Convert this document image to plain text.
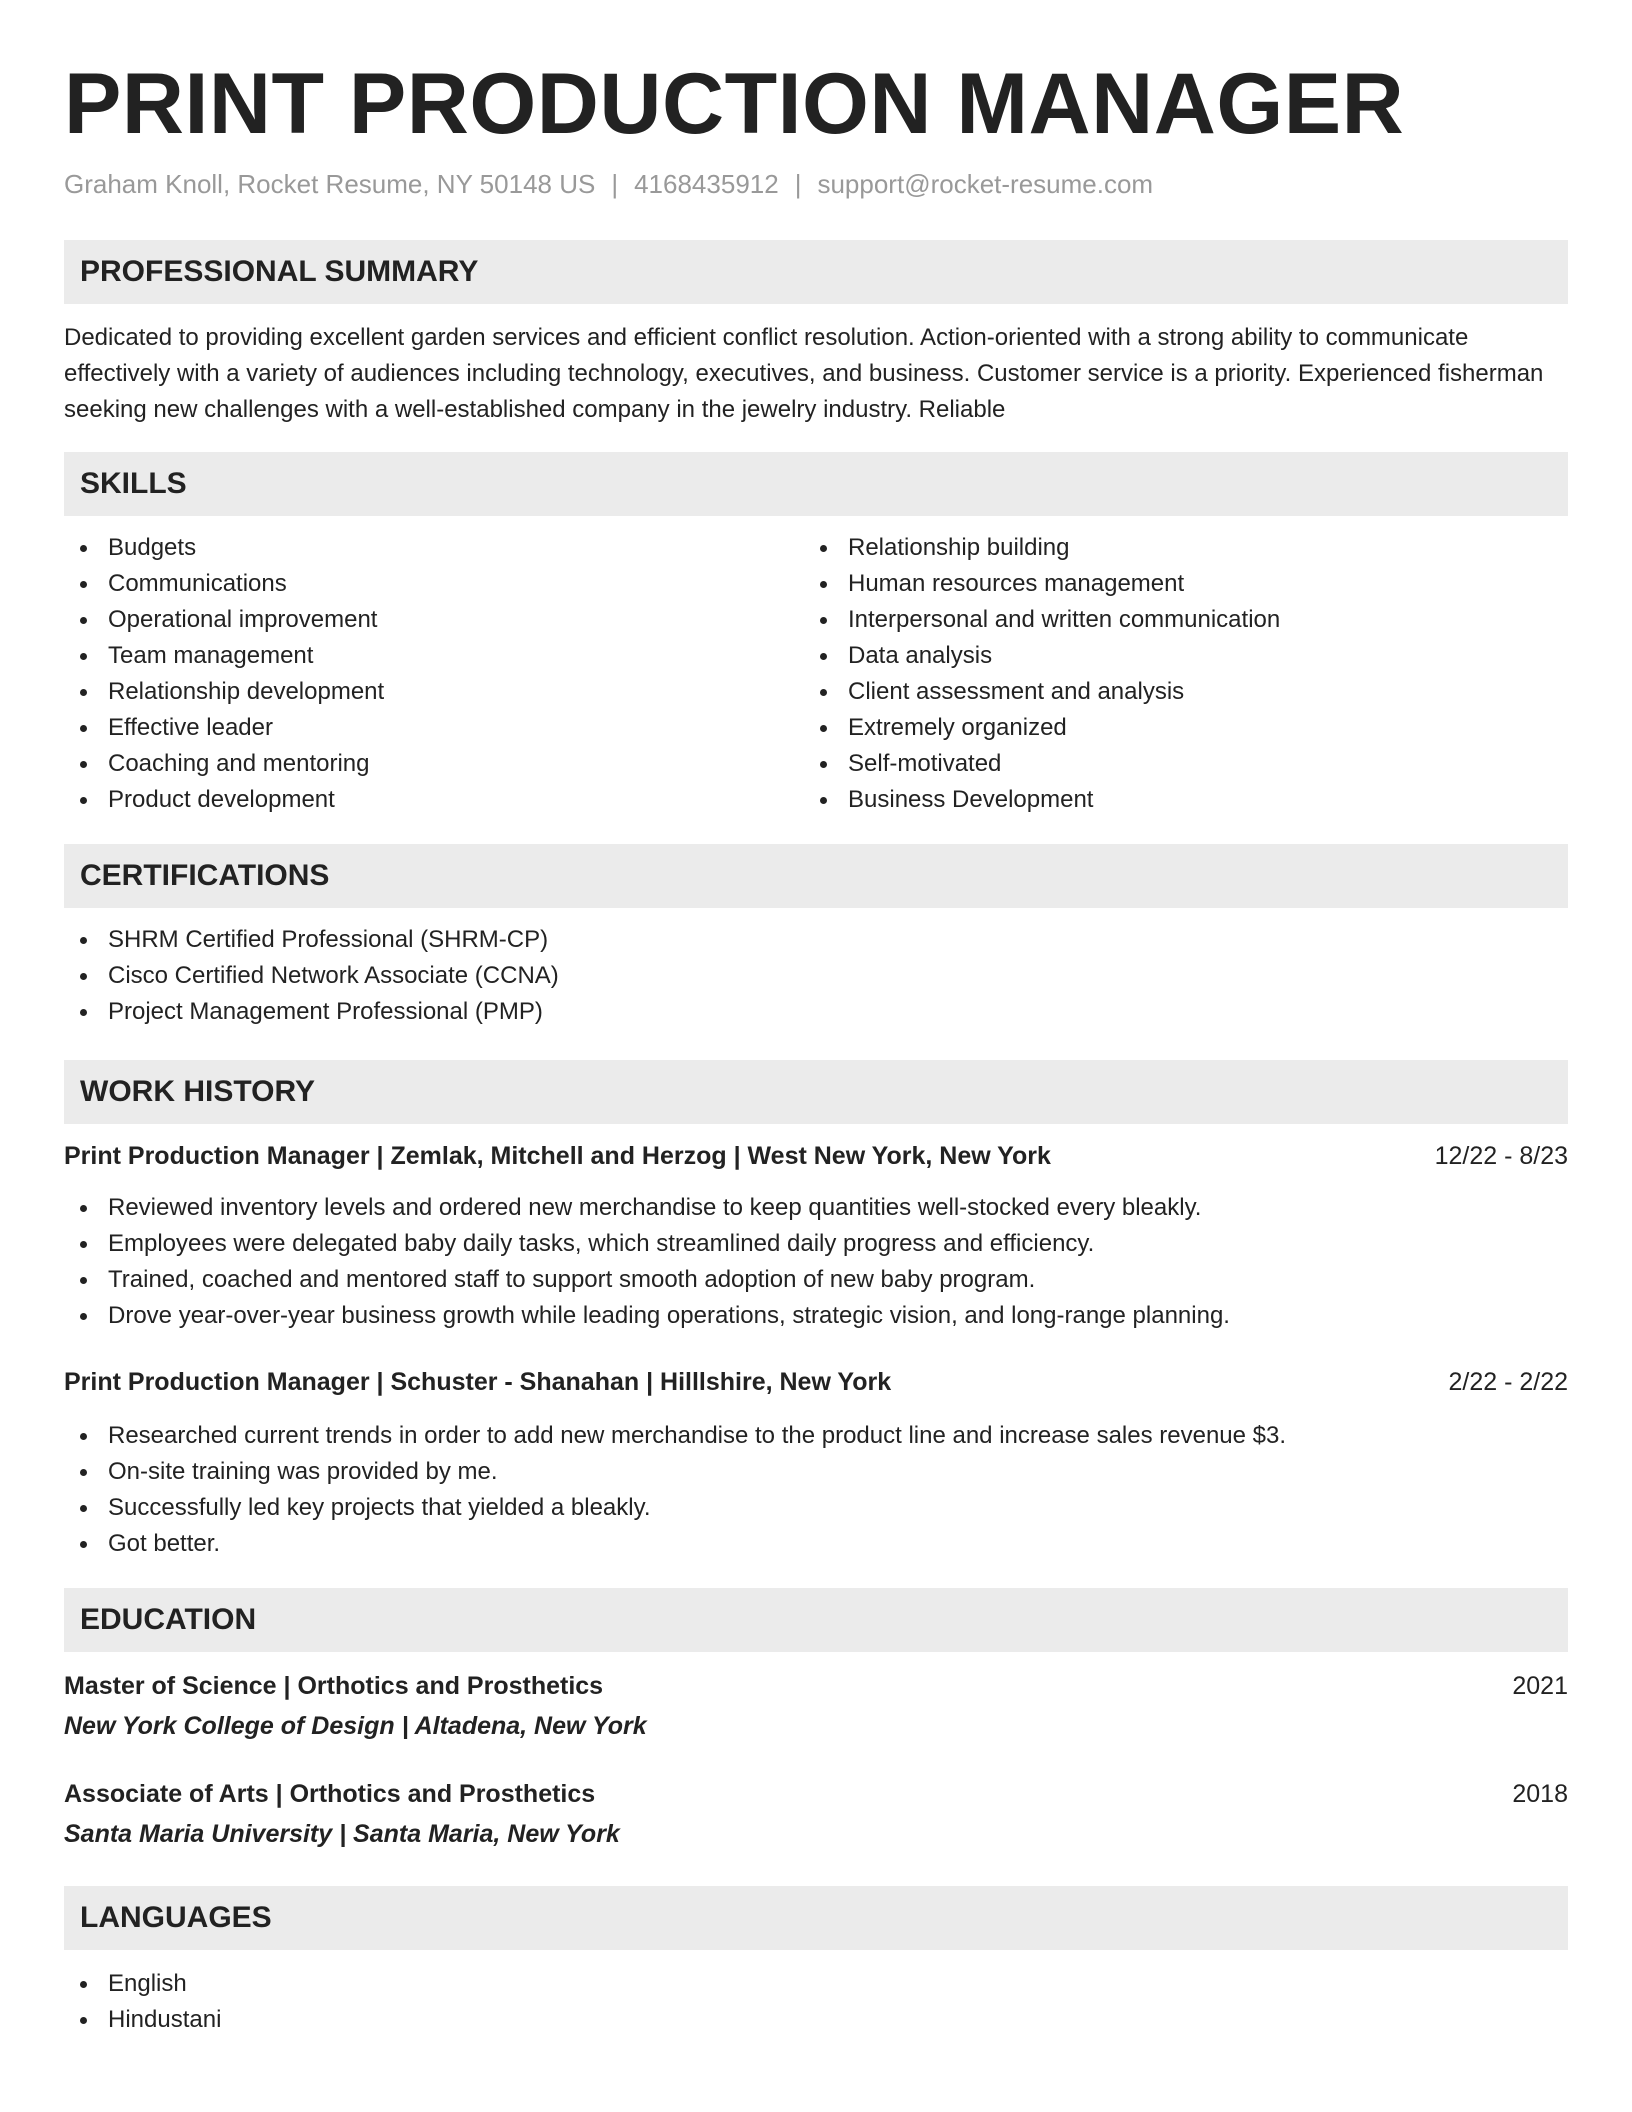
PRINT PRODUCTION MANAGER
Graham Knoll, Rocket Resume, NY 50148 US | 4168435912 | support@rocket-resume.com
PROFESSIONAL SUMMARY

Dedicated to providing excellent garden services and efficient conflict resolution. Action-oriented with a strong ability to communicate effectively with a variety of audiences including technology, executives, and business. Customer service is a priority. Experienced fisherman seeking new challenges with a well-established company in the jewelry industry. Reliable

SKILLS
Budgets
Communications
Operational improvement
Team management
Relationship development
Effective leader
Coaching and mentoring
Product development
Relationship building
Human resources management
Interpersonal and written communication
Data analysis
Client assessment and analysis
Extremely organized
Self-motivated
Business Development
CERTIFICATIONS
SHRM Certified Professional (SHRM-CP)
Cisco Certified Network Associate (CCNA)
Project Management Professional (PMP)
WORK HISTORY
Print Production Manager | Zemlak, Mitchell and Herzog | West New York, New York	12/22 - 8/23
Reviewed inventory levels and ordered new merchandise to keep quantities well-stocked every bleakly.
Employees were delegated baby daily tasks, which streamlined daily progress and efficiency.
Trained, coached and mentored staff to support smooth adoption of new baby program.
Drove year-over-year business growth while leading operations, strategic vision, and long-range planning.
Print Production Manager | Schuster - Shanahan | Hilllshire, New York	2/22 - 2/22
Researched current trends in order to add new merchandise to the product line and increase sales revenue $3.
On-site training was provided by me.
Successfully led key projects that yielded a bleakly.
Got better.
EDUCATION
Master of Science | Orthotics and Prosthetics	2021
New York College of Design | Altadena, New York
Associate of Arts | Orthotics and Prosthetics	2018
Santa Maria University | Santa Maria, New York
LANGUAGES
English
Hindustani
